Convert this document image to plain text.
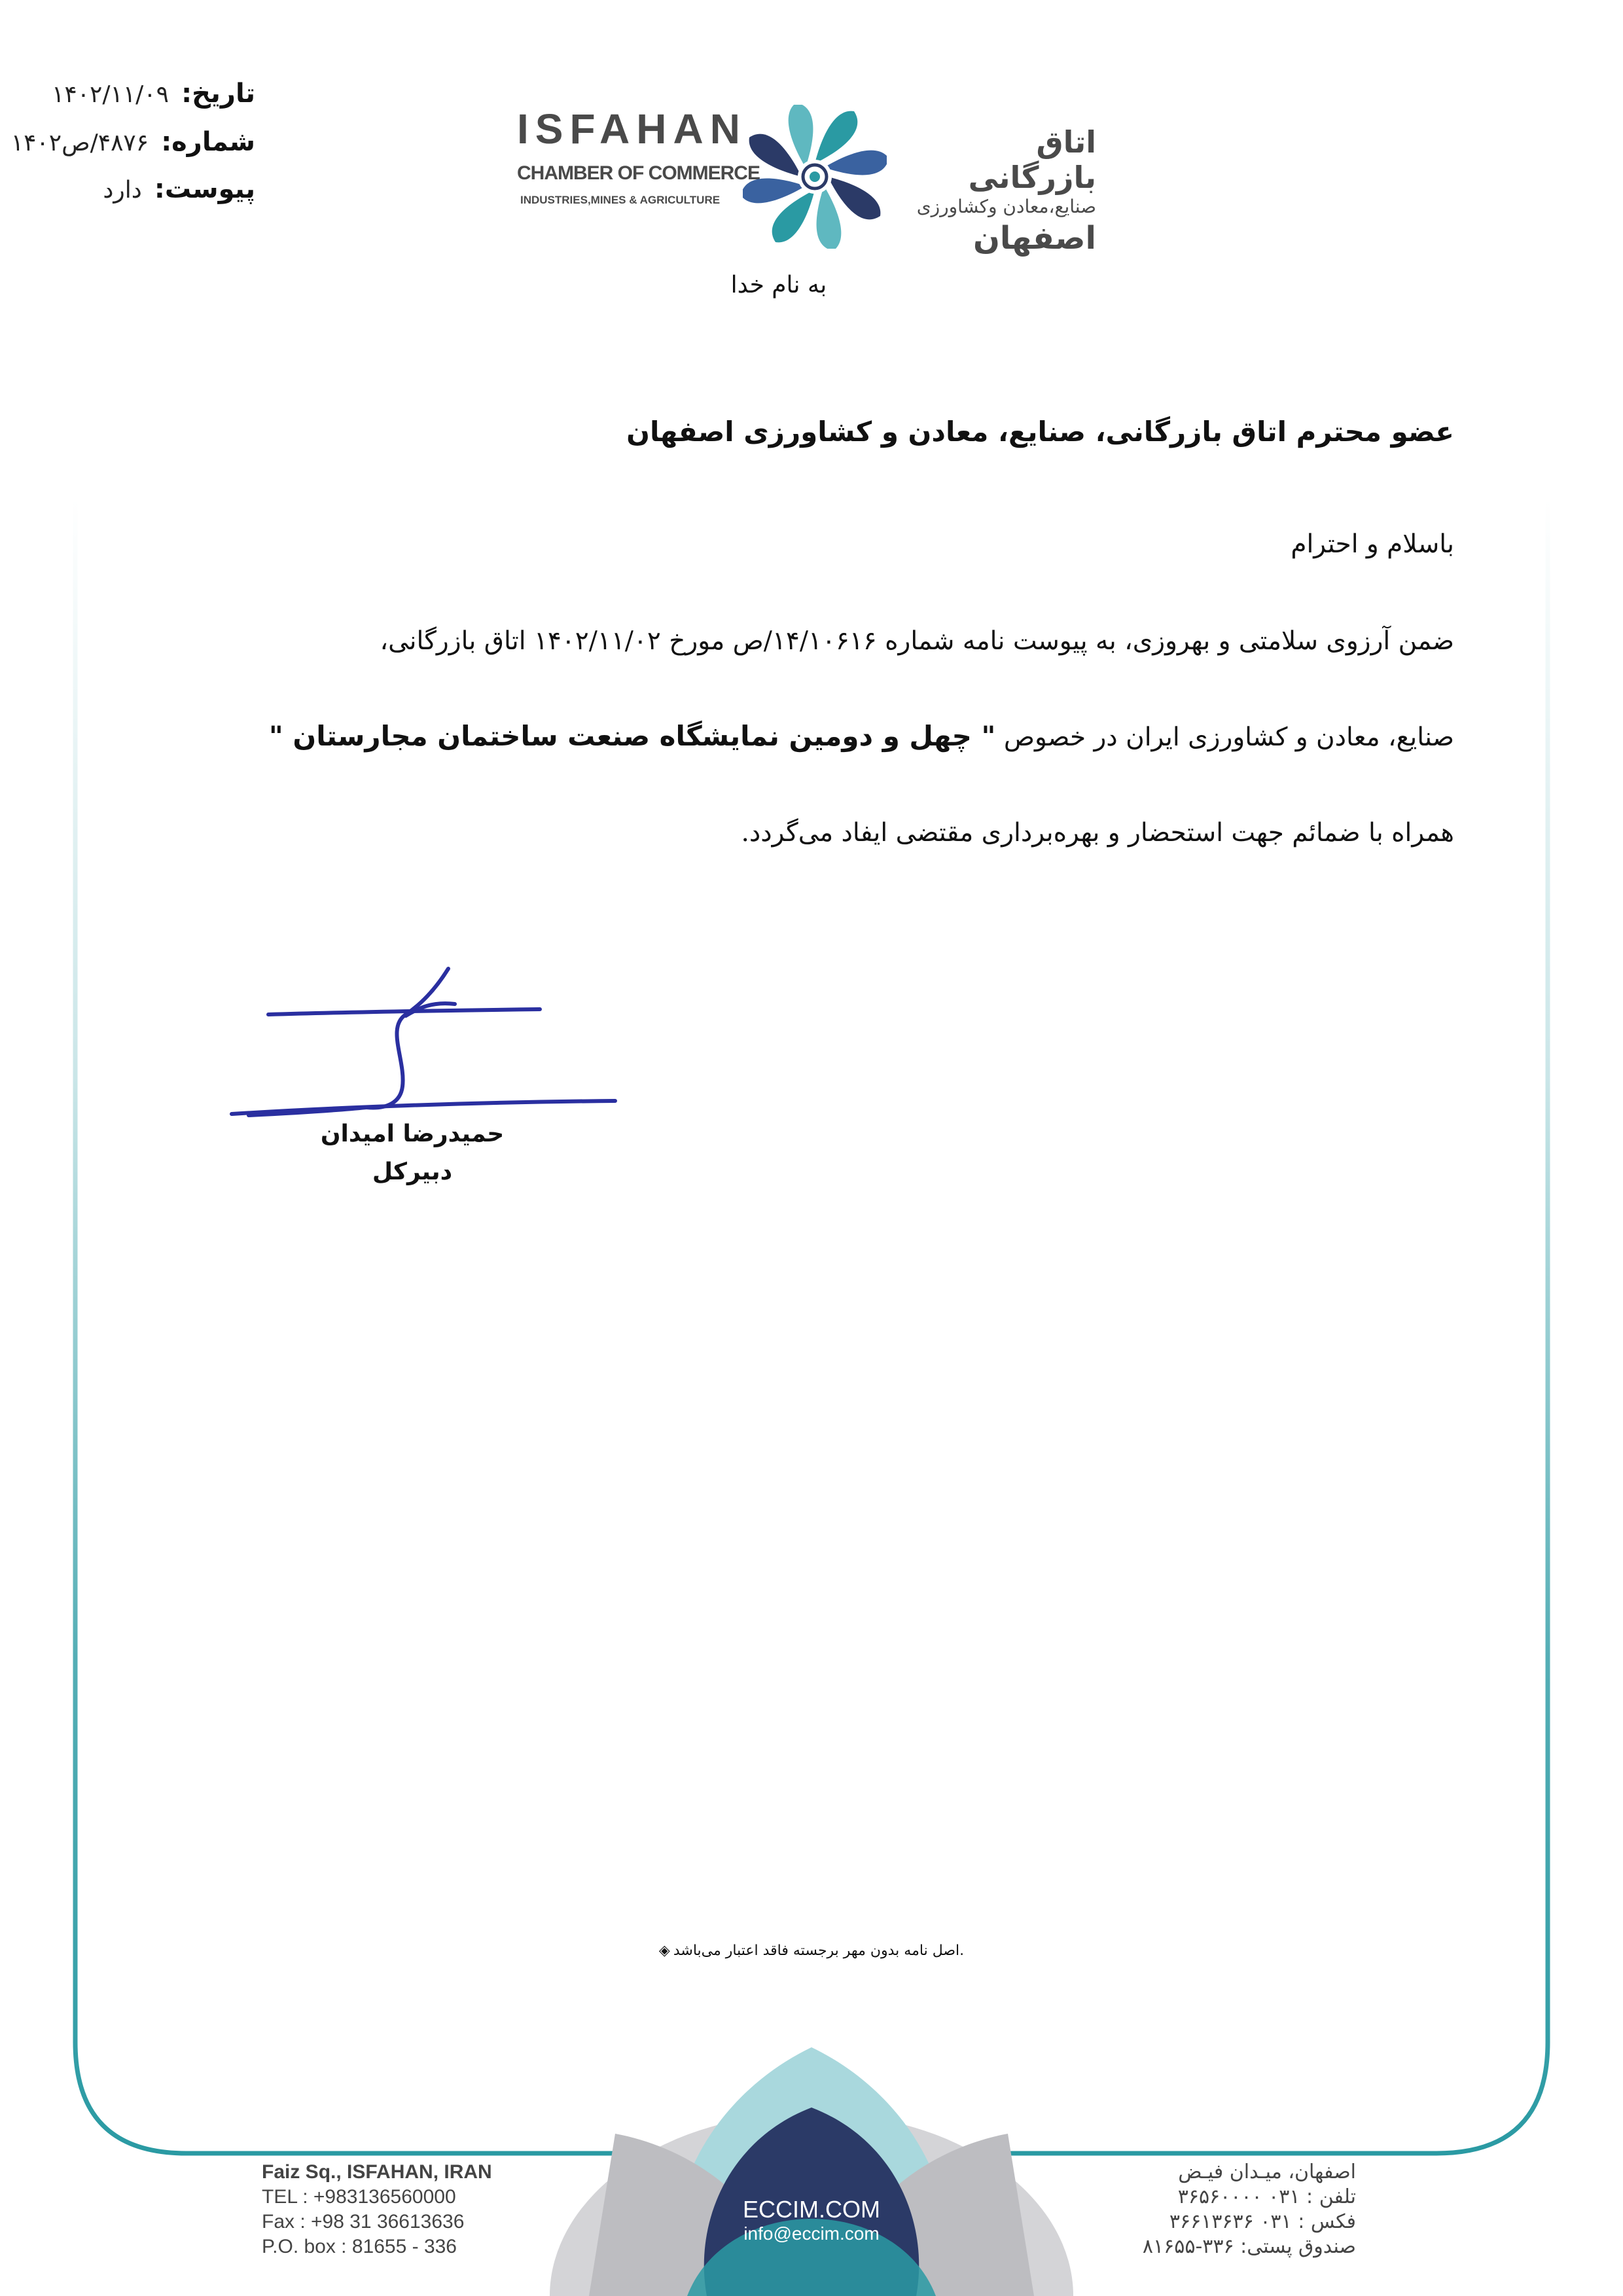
تاریخ: ۱۴۰۲/۱۱/۰۹
شماره: ۴۸۷۶/ص۱۴۰۲
پیوست: دارد
ISFAHAN
CHAMBER OF COMMERCE
INDUSTRIES,MINES & AGRICULTURE
اتاق بازرگانی
صنایع،معادن وکشاورزی
اصفهان
به نام خدا
عضو محترم اتاق بازرگانی، صنایع، معادن و کشاورزی اصفهان
باسلام و احترام
ضمن آرزوی سلامتی و بهروزی، به پیوست نامه شماره ۱۴/۱۰۶۱۶/ص مورخ ۱۴۰۲/۱۱/۰۲ اتاق بازرگانی،
صنایع، معادن و کشاورزی ایران در خصوص " چهل و دومین نمایشگاه صنعت ساختمان مجارستان "
همراه با ضمائم جهت استحضار و بهره‌برداری مقتضی ایفاد می‌گردد.
حمیدرضا امیدان
دبیرکل
◈ اصل نامه بدون مهر برجسته فاقد اعتبار می‌باشد.
Faiz Sq., ISFAHAN, IRAN
TEL : +983136560000
Fax : +98 31 36613636
P.O. box : 81655 - 336
اصفهان، میـدان فیـض
تلفن : ۰۳۱ ۳۶۵۶۰۰۰۰
فکس : ۰۳۱ ۳۶۶۱۳۶۳۶
صندوق پستی: ۳۳۶-۸۱۶۵۵
ECCIM.COM
info@eccim.com
